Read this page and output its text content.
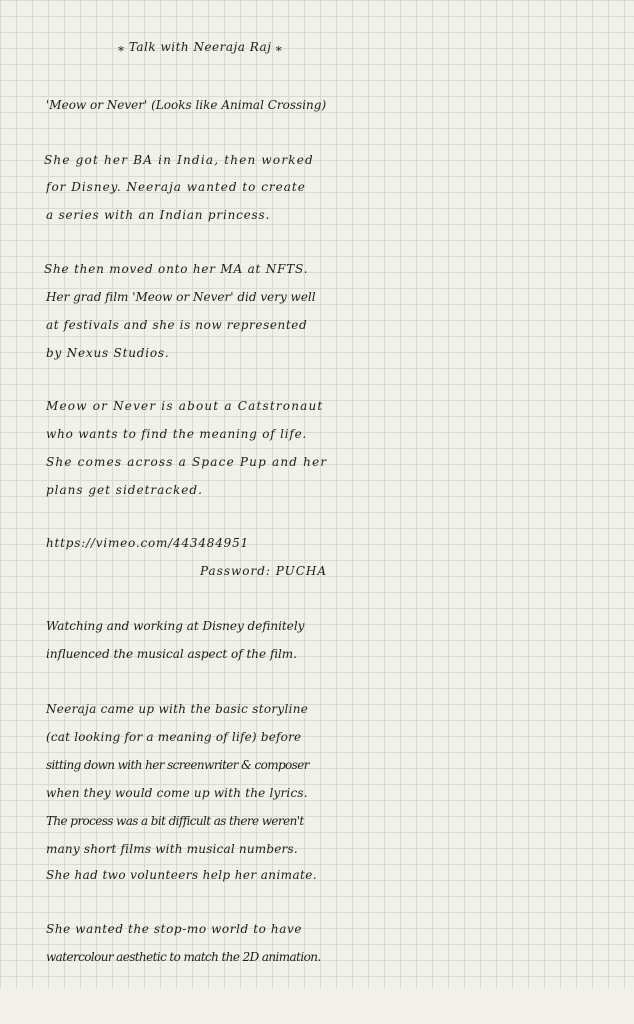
⁎ Talk with Neeraja Raj ⁎
'Meow or Never' (Looks like Animal Crossing)
She got her BA in India, then worked
for Disney. Neeraja wanted to create
a series with an Indian princess.
She then moved onto her MA at NFTS.
Her grad film 'Meow or Never' did very well
at festivals and she is now represented
by Nexus Studios.
Meow or Never is about a Catstronaut
who wants to find the meaning of life.
She comes across a Space Pup and her
plans get sidetracked.
https://vimeo.com/443484951
Password: PUCHA
Watching and working at Disney definitely
influenced the musical aspect of the film.
Neeraja came up with the basic storyline
(cat looking for a meaning of life) before
sitting down with her screenwriter & composer
when they would come up with the lyrics.
The process was a bit difficult as there weren't
many short films with musical numbers.
She had two volunteers help her animate.
She wanted the stop-mo world to have
watercolour aesthetic to match the 2D animation.
